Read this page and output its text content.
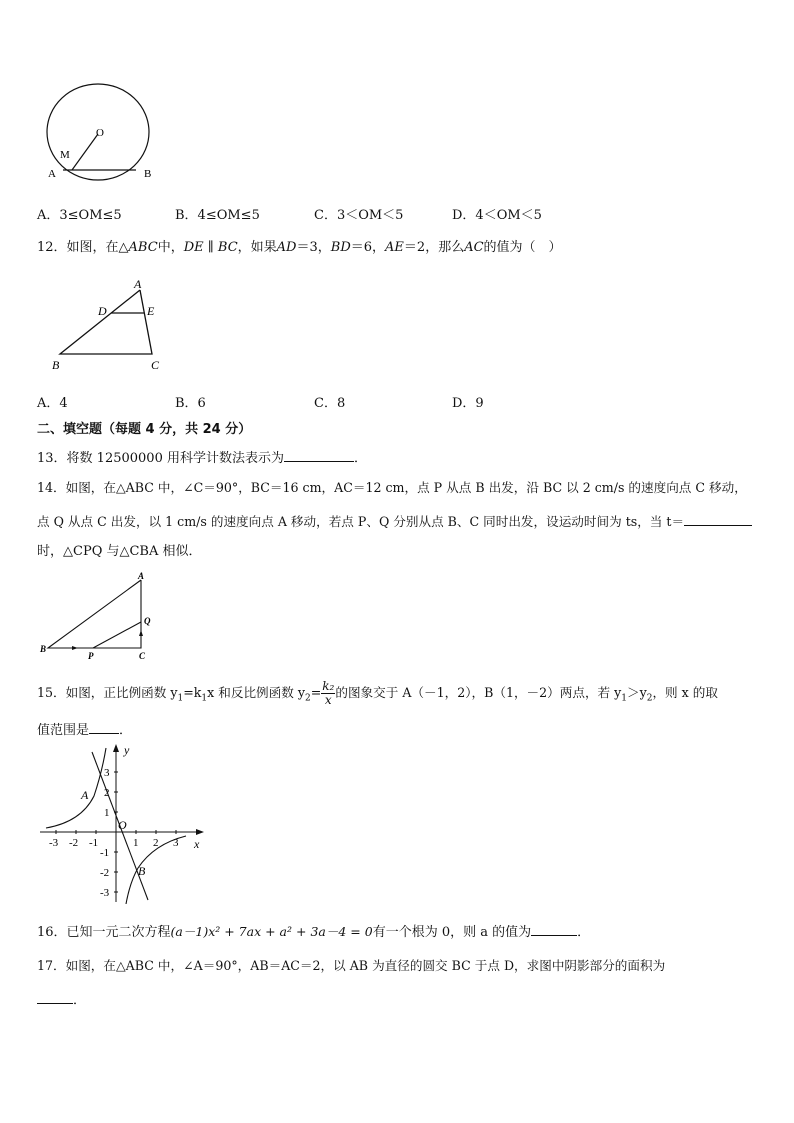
O
M
A	B
A．3≤OM≤5	B．4≤OM≤5	C．3＜OM＜5	D．4＜OM＜5
12．如图，在△ABC中，DE ∥ BC，如果AD＝3，BD＝6，AE＝2，那么AC的值为（　）
A
D	E
B	C
A．4	B．6	C．8	D．9
二、填空题（每题 4 分，共 24 分）
13．将数 12500000 用科学计数法表示为	．
14．如图，在△ABC 中，∠C＝90°，BC＝16 cm，AC＝12 cm，点 P 从点 B 出发，沿 BC 以 2 cm/s 的速度向点 C 移动，
点 Q 从点 C 出发，以 1 cm/s 的速度向点 A 移动，若点 P、Q 分别从点 B、C 同时出发，设运动时间为 ts，当 t＝
时，△CPQ 与△CBA 相似．
A
Q
B
P	C
15．如图，正比例函数 $y_1=k_1x$ 和反比例函数 $y_2= \frac{\text{k₂}}{x}$ 的图象交于 A（－1，2），B（1，－2）两点，若 $y_1>y_2$，则 x 的取
值范围是 ．
3
2
1
-1
-2
-3
-3 -2 -1	1 2 3
y
x
O
A
B
16．已知一元二次方程(a－1)x² + 7ax + a² + 3a－4 = 0有一个根为 0，则 a 的值为	．
17．如图，在△ABC 中，∠A＝90°，AB＝AC＝2，以 AB 为直径的圆交 BC 于点 D，求图中阴影部分的面积为
．
